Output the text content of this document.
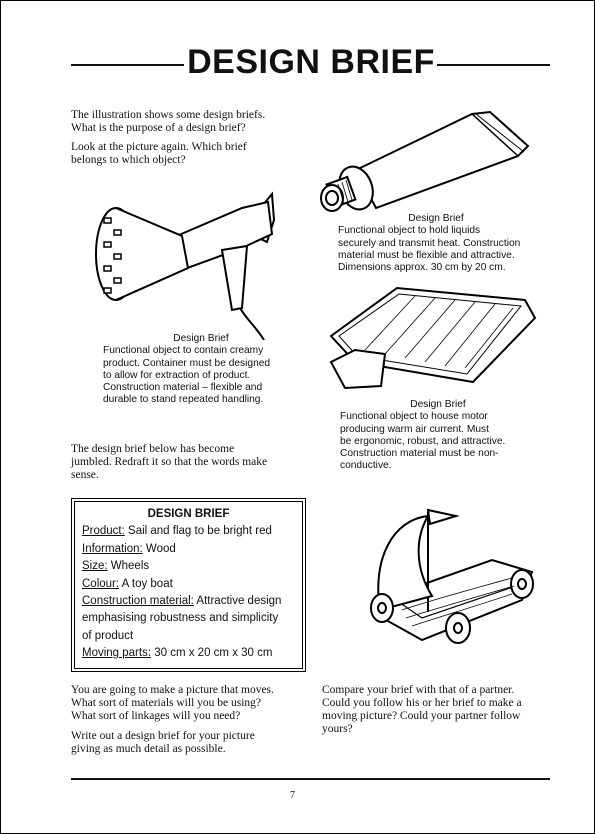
DESIGN BRIEF

The illustration shows some design briefs.
What is the purpose of a design brief?

Look at the picture again. Which brief
belongs to which object?

Design Brief
Functional object to hold liquids
securely and transmit heat. Construction
material must be flexible and attractive.
Dimensions approx. 30 cm by 20 cm.
Design Brief
Functional object to contain creamy
product. Container must be designed
to allow for extraction of product.
Construction material – flexible and
durable to stand repeated handling.	Design Brief
Functional object to house motor
producing warm air current. Must
be ergonomic, robust, and attractive.
Construction material must be non-
conductive.

The design brief below has become
jumbled. Redraft it so that the words make
sense.

DESIGN BRIEF
Product: Sail and flag to be bright red
Information: Wood
Size: Wheels
Colour: A toy boat
Construction material: Attractive design
emphasising robustness and simplicity
of product
Moving parts: 30 cm x 20 cm x 30 cm

You are going to make a picture that moves.
What sort of materials will you be using?
What sort of linkages will you need?

Write out a design brief for your picture
giving as much detail as possible.

Compare your brief with that of a partner.
Could you follow his or her brief to make a
moving picture? Could your partner follow
yours?

7
